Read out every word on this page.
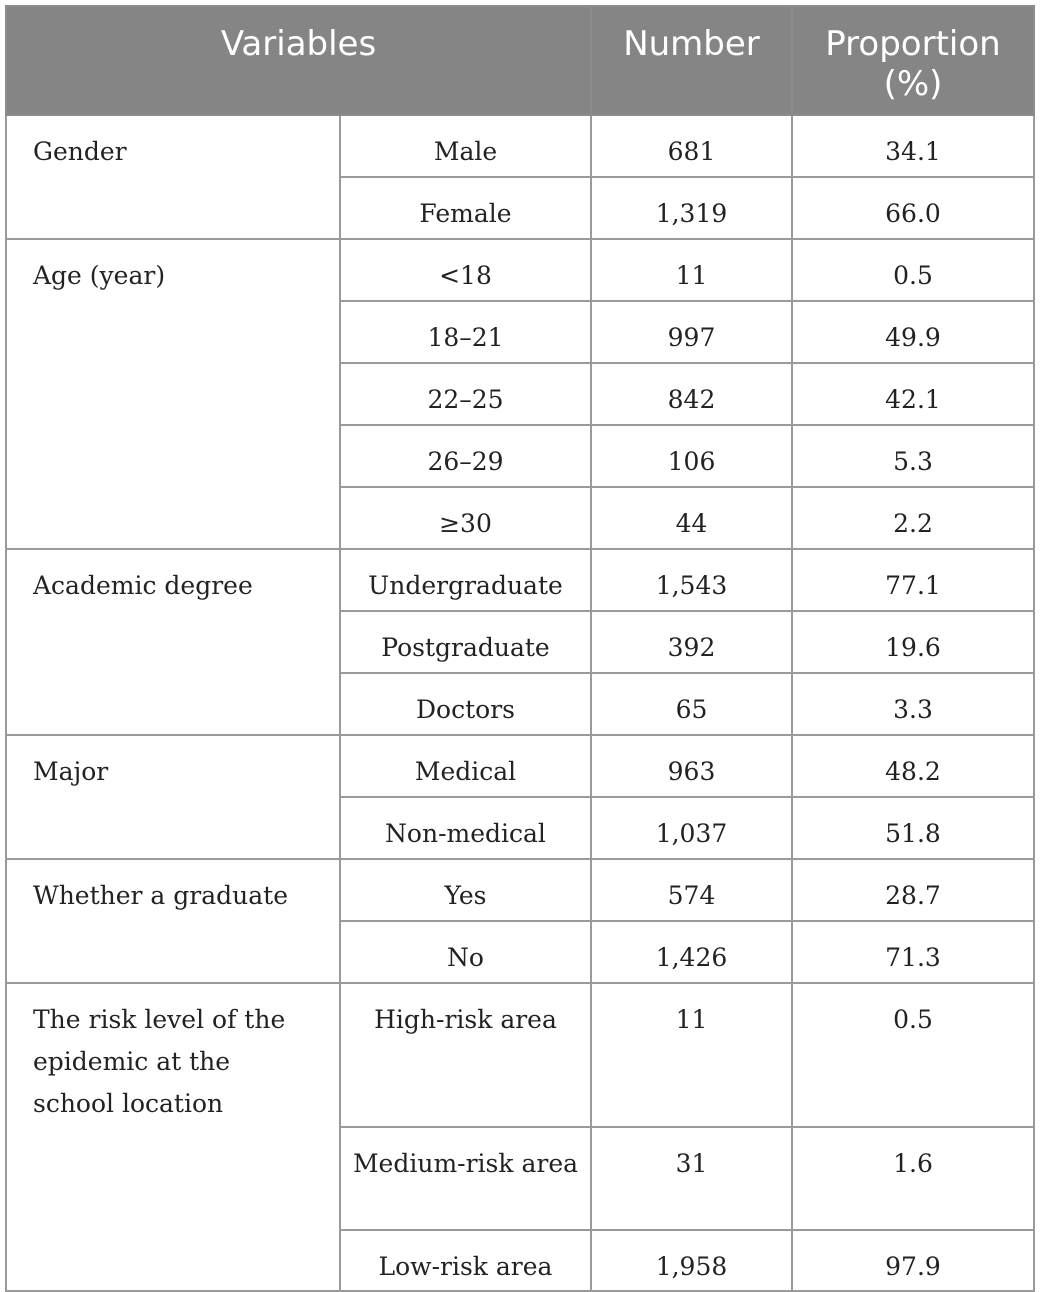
Variables		Number	Proportion (%)
Gender	Male	681	34.1
	Female	1,319	66.0
Age (year)	<18	11	0.5
	18–21	997	49.9
	22–25	842	42.1
	26–29	106	5.3
	≥30	44	2.2
Academic degree	Undergraduate	1,543	77.1
	Postgraduate	392	19.6
	Doctors	65	3.3
Major	Medical	963	48.2
	Non-medical	1,037	51.8
Whether a graduate	Yes	574	28.7
	No	1,426	71.3
The risk level of the epidemic at the school location	High-risk area	11	0.5
	Medium-risk area	31	1.6
	Low-risk area	1,958	97.9
